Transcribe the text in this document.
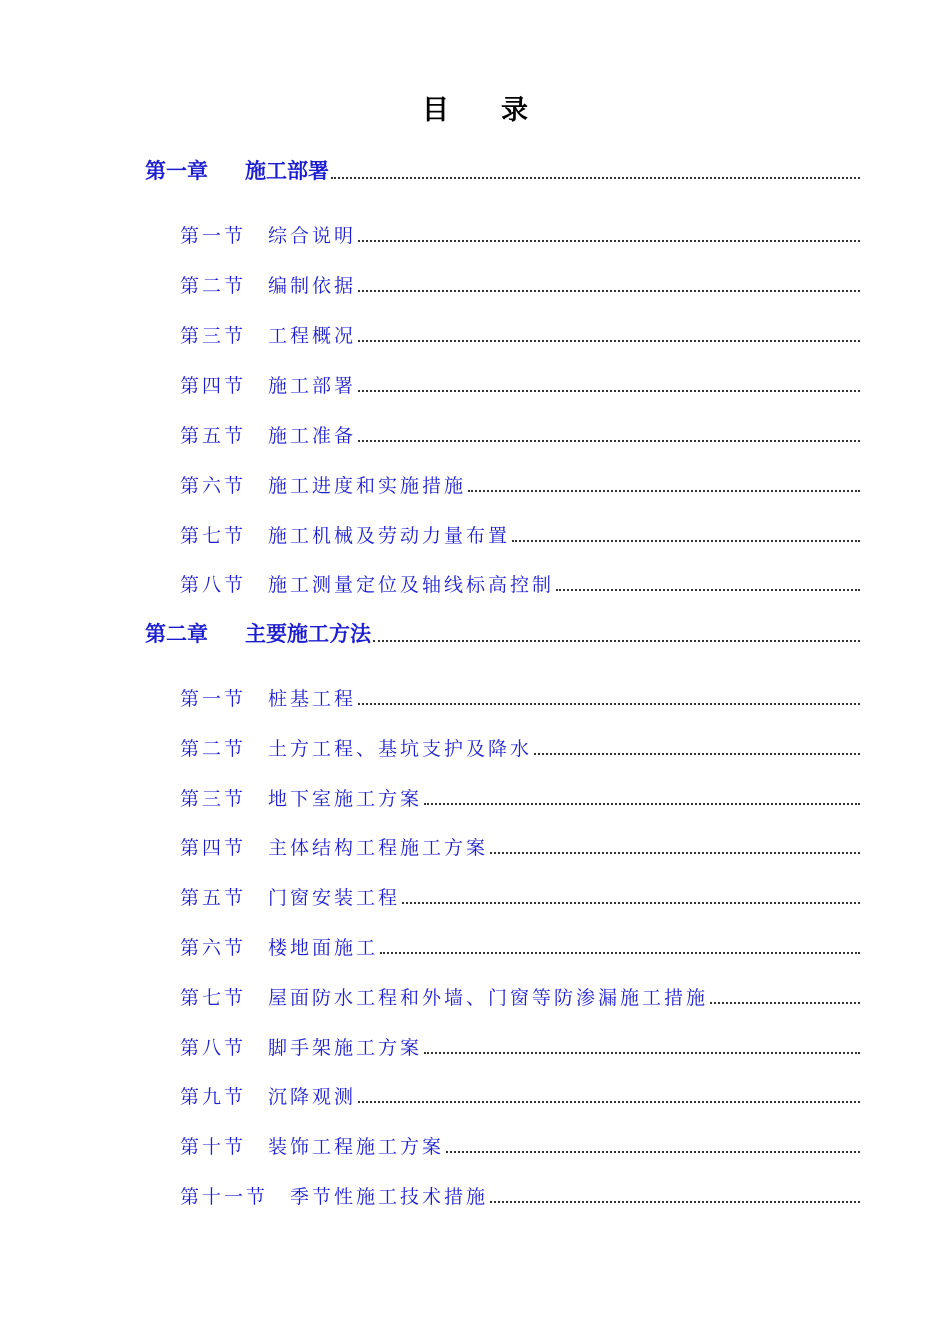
目 录
第一章	施工部署
第一节	综合说明
第二节	编制依据
第三节	工程概况
第四节	施工部署
第五节	施工准备
第六节	施工进度和实施措施
第七节	施工机械及劳动力量布置
第八节	施工测量定位及轴线标高控制
第二章	主要施工方法
第一节	桩基工程
第二节	土方工程、基坑支护及降水
第三节	地下室施工方案
第四节	主体结构工程施工方案
第五节	门窗安装工程
第六节	楼地面施工
第七节	屋面防水工程和外墙、门窗等防渗漏施工措施
第八节	脚手架施工方案
第九节	沉降观测
第十节	装饰工程施工方案
第十一节	季节性施工技术措施
